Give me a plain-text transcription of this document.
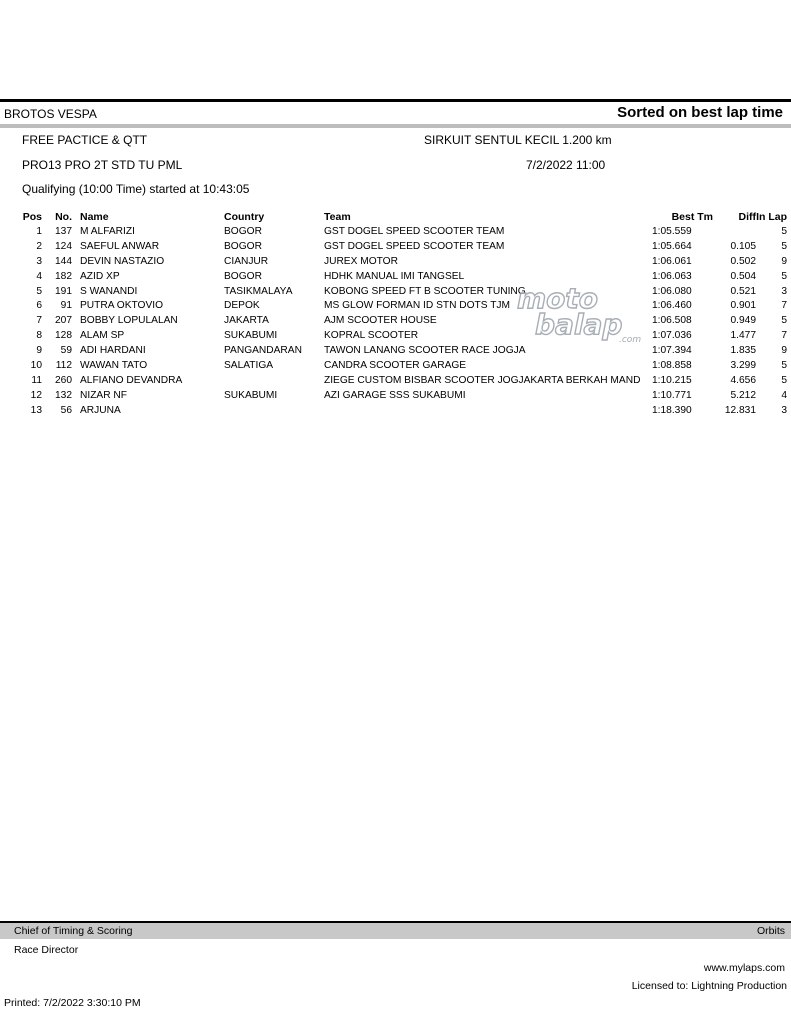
BROTOS VESPA	Sorted on best lap time
FREE PACTICE & QTT	SIRKUIT SENTUL KECIL 1.200 km
PRO13 PRO 2T STD TU PML	7/2/2022 11:00
Qualifying (10:00 Time) started at 10:43:05
Pos	No.	Name	Country	Team	Best Tm	Diff	In Lap
1	137	M ALFARIZI	BOGOR	GST DOGEL SPEED SCOOTER TEAM	1:05.559		5
2	124	SAEFUL ANWAR	BOGOR	GST DOGEL SPEED SCOOTER TEAM	1:05.664	0.105	5
3	144	DEVIN NASTAZIO	CIANJUR	JUREX MOTOR	1:06.061	0.502	9
4	182	AZID XP	BOGOR	HDHK MANUAL IMI TANGSEL	1:06.063	0.504	5
5	191	S WANANDI	TASIKMALAYA	KOBONG SPEED FT B SCOOTER TUNING	1:06.080	0.521	3
6	91	PUTRA OKTOVIO	DEPOK	MS GLOW FORMAN ID STN DOTS TJM	1:06.460	0.901	7
7	207	BOBBY LOPULALAN	JAKARTA	AJM SCOOTER HOUSE	1:06.508	0.949	5
8	128	ALAM SP	SUKABUMI	KOPRAL SCOOTER	1:07.036	1.477	7
9	59	ADI HARDANI	PANGANDARAN	TAWON LANANG SCOOTER RACE JOGJA	1:07.394	1.835	9
10	112	WAWAN TATO	SALATIGA	CANDRA SCOOTER GARAGE	1:08.858	3.299	5
11	260	ALFIANO DEVANDRA		ZIEGE CUSTOM BISBAR SCOOTER JOGJAKARTA BERKAH MAND	1:10.215	4.656	5
12	132	NIZAR NF	SUKABUMI	AZI GARAGE SSS SUKABUMI	1:10.771	5.212	4
13	56	ARJUNA			1:18.390	12.831	3
moto
balap
.com
Chief of Timing & Scoring	Orbits
Race Director
www.mylaps.com
Licensed to: Lightning Production
Printed: 7/2/2022 3:30:10 PM
